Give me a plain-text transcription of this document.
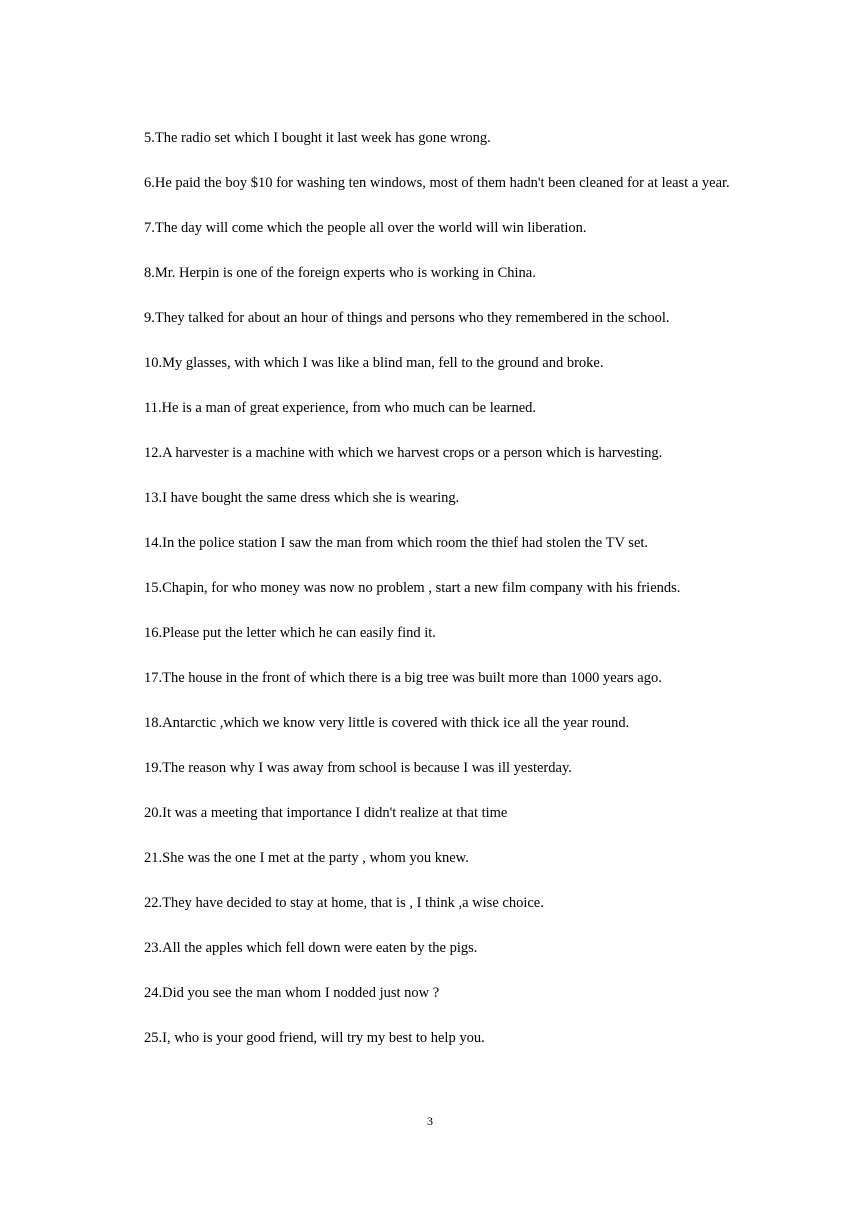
5.The radio set which I bought it last week has gone wrong.
6.He paid the boy $10 for washing ten windows, most of them hadn't been cleaned for at least a year.
7.The day will come which the people all over the world will win liberation.
8.Mr. Herpin is one of the foreign experts who is working in China.
9.They talked for about an hour of things and persons who they remembered in the school.
10.My glasses, with which I was like a blind man, fell to the ground and broke.
11.He is a man of great experience, from who much can be learned.
12.A harvester is a machine with which we harvest crops or a person which is harvesting.
13.I have bought the same dress which she is wearing.
14.In the police station I saw the man from which room the thief had stolen the TV set.
15.Chapin, for who money was now no problem , start a new film company with his friends.
16.Please put the letter which he can easily find it.
17.The house in the front of which there is a big tree was built more than 1000 years ago.
18.Antarctic ,which we know very little is covered with thick ice all the year round.
19.The reason why I was away from school is because I was ill yesterday.
20.It was a meeting that importance I didn't realize at that time
21.She was the one I met at the party , whom you knew.
22.They have decided to stay at home, that is , I think ,a wise choice.
23.All the apples which fell down were eaten by the pigs.
24.Did you see the man whom I nodded just now ?
25.I, who is your good friend, will try my best to help you.
3
